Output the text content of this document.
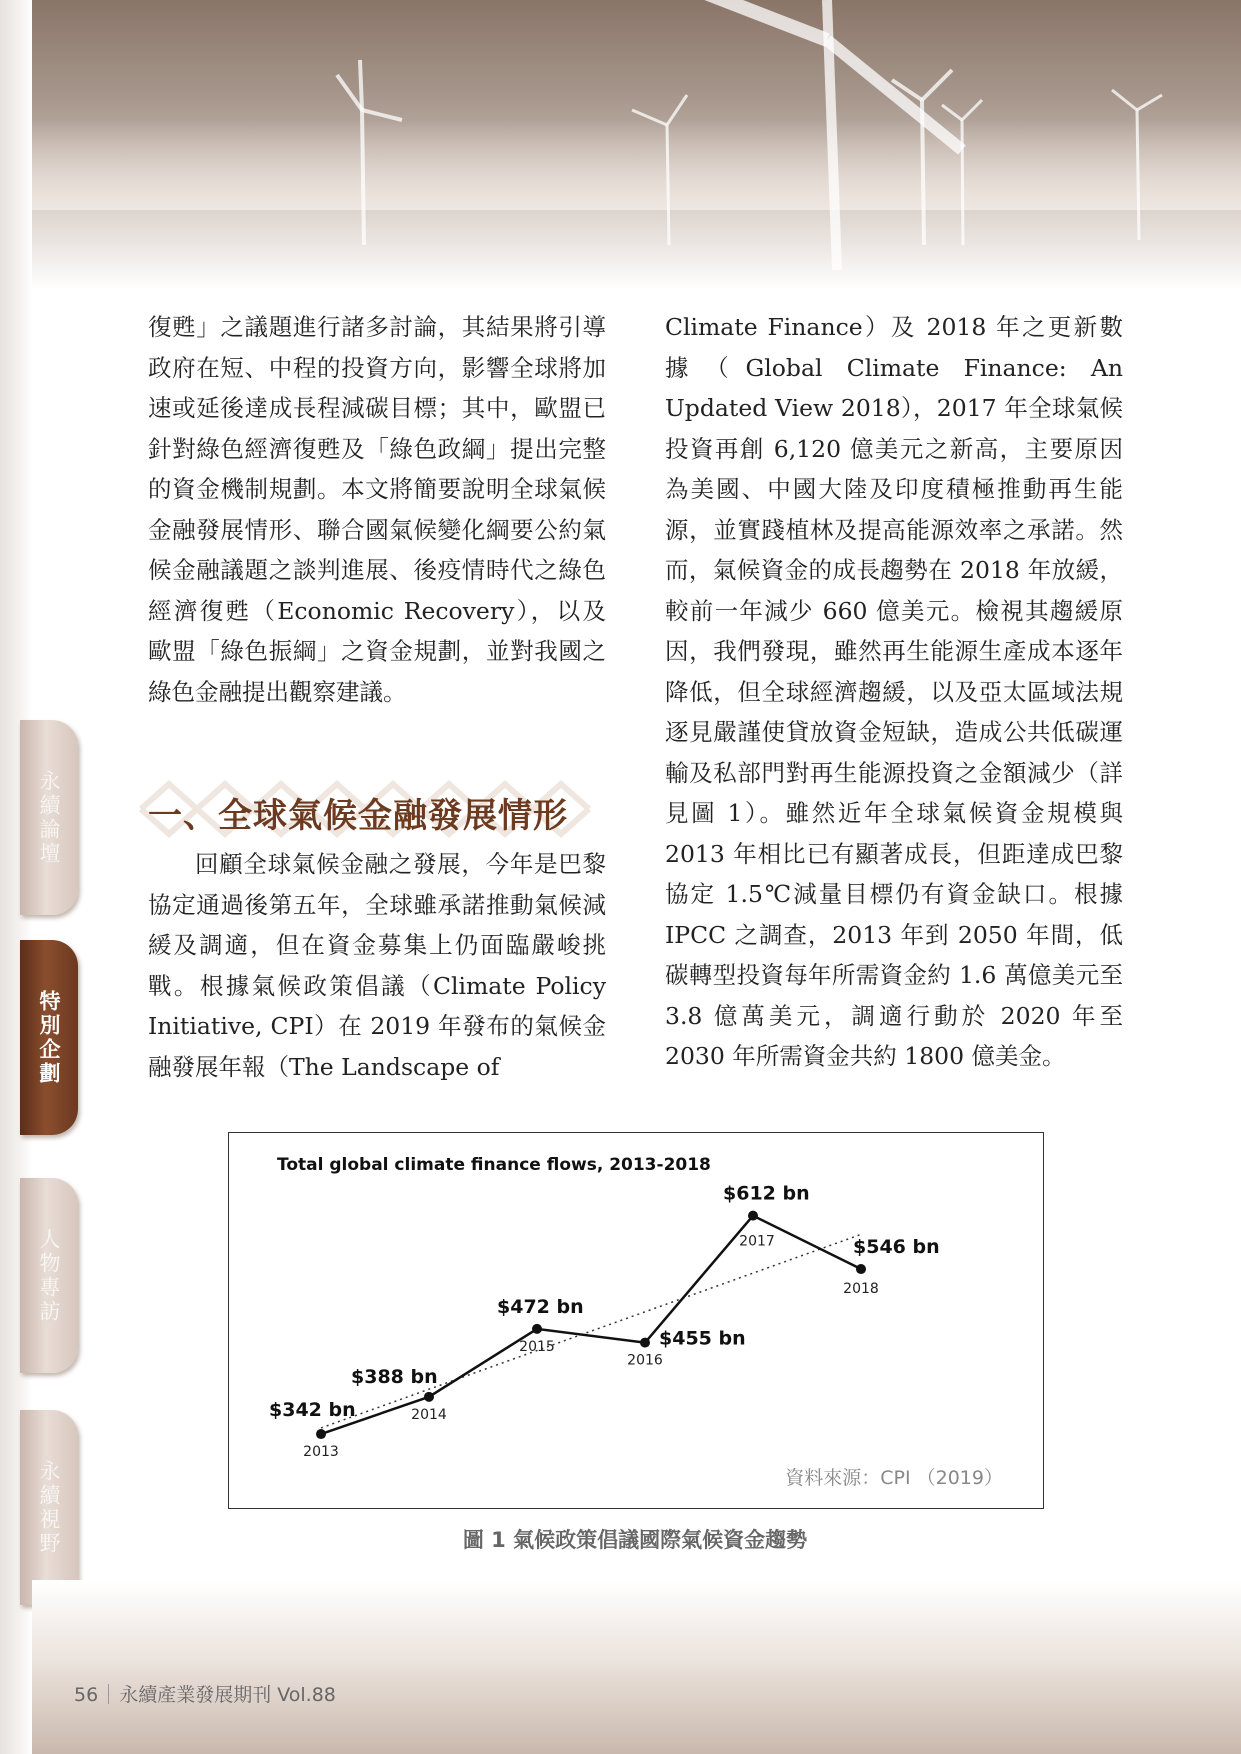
永續論壇
特別企劃
人物專訪
永續視野

復甦」之議題進行諸多討論，其結果將引導政府在短、中程的投資方向，影響全球將加速或延後達成長程減碳目標；其中，歐盟已針對綠色經濟復甦及「綠色政綱」提出完整的資金機制規劃。本文將簡要說明全球氣候金融發展情形、聯合國氣候變化綱要公約氣候金融議題之談判進展、後疫情時代之綠色經濟復甦（Economic Recovery），以及歐盟「綠色振綱」之資金規劃，並對我國之綠色金融提出觀察建議。

一、全球氣候金融發展情形

回顧全球氣候金融之發展，今年是巴黎協定通過後第五年，全球雖承諾推動氣候減緩及調適，但在資金募集上仍面臨嚴峻挑戰。根據氣候政策倡議（Climate Policy Initiative, CPI）在 2019 年發布的氣候金融發展年報（The Landscape of

Climate Finance）及 2018 年之更新數據（Global Climate Finance: An Updated View 2018），2017 年全球氣候投資再創 6,120 億美元之新高，主要原因為美國、中國大陸及印度積極推動再生能源，並實踐植林及提高能源效率之承諾。然而，氣候資金的成長趨勢在 2018 年放緩，較前一年減少 660 億美元。檢視其趨緩原因，我們發現，雖然再生能源生產成本逐年降低，但全球經濟趨緩，以及亞太區域法規逐見嚴謹使貸放資金短缺，造成公共低碳運輸及私部門對再生能源投資之金額減少（詳見圖 1）。雖然近年全球氣候資金規模與 2013 年相比已有顯著成長，但距達成巴黎協定 1.5℃減量目標仍有資金缺口。根據 IPCC 之調查，2013 年到 2050 年間，低碳轉型投資每年所需資金約 1.6 萬億美元至 3.8 億萬美元，調適行動於 2020 年至 2030 年所需資金共約 1800 億美金。

Total global climate finance flows, 2013-2018
$342 bn
2013
$388 bn
2014
$472 bn
2015	$455 bn
2016
$612 bn
2017	$546 bn
2018
資料來源：CPI （2019）
圖 1 氣候政策倡議國際氣候資金趨勢
56 永續產業發展期刊 Vol.88
